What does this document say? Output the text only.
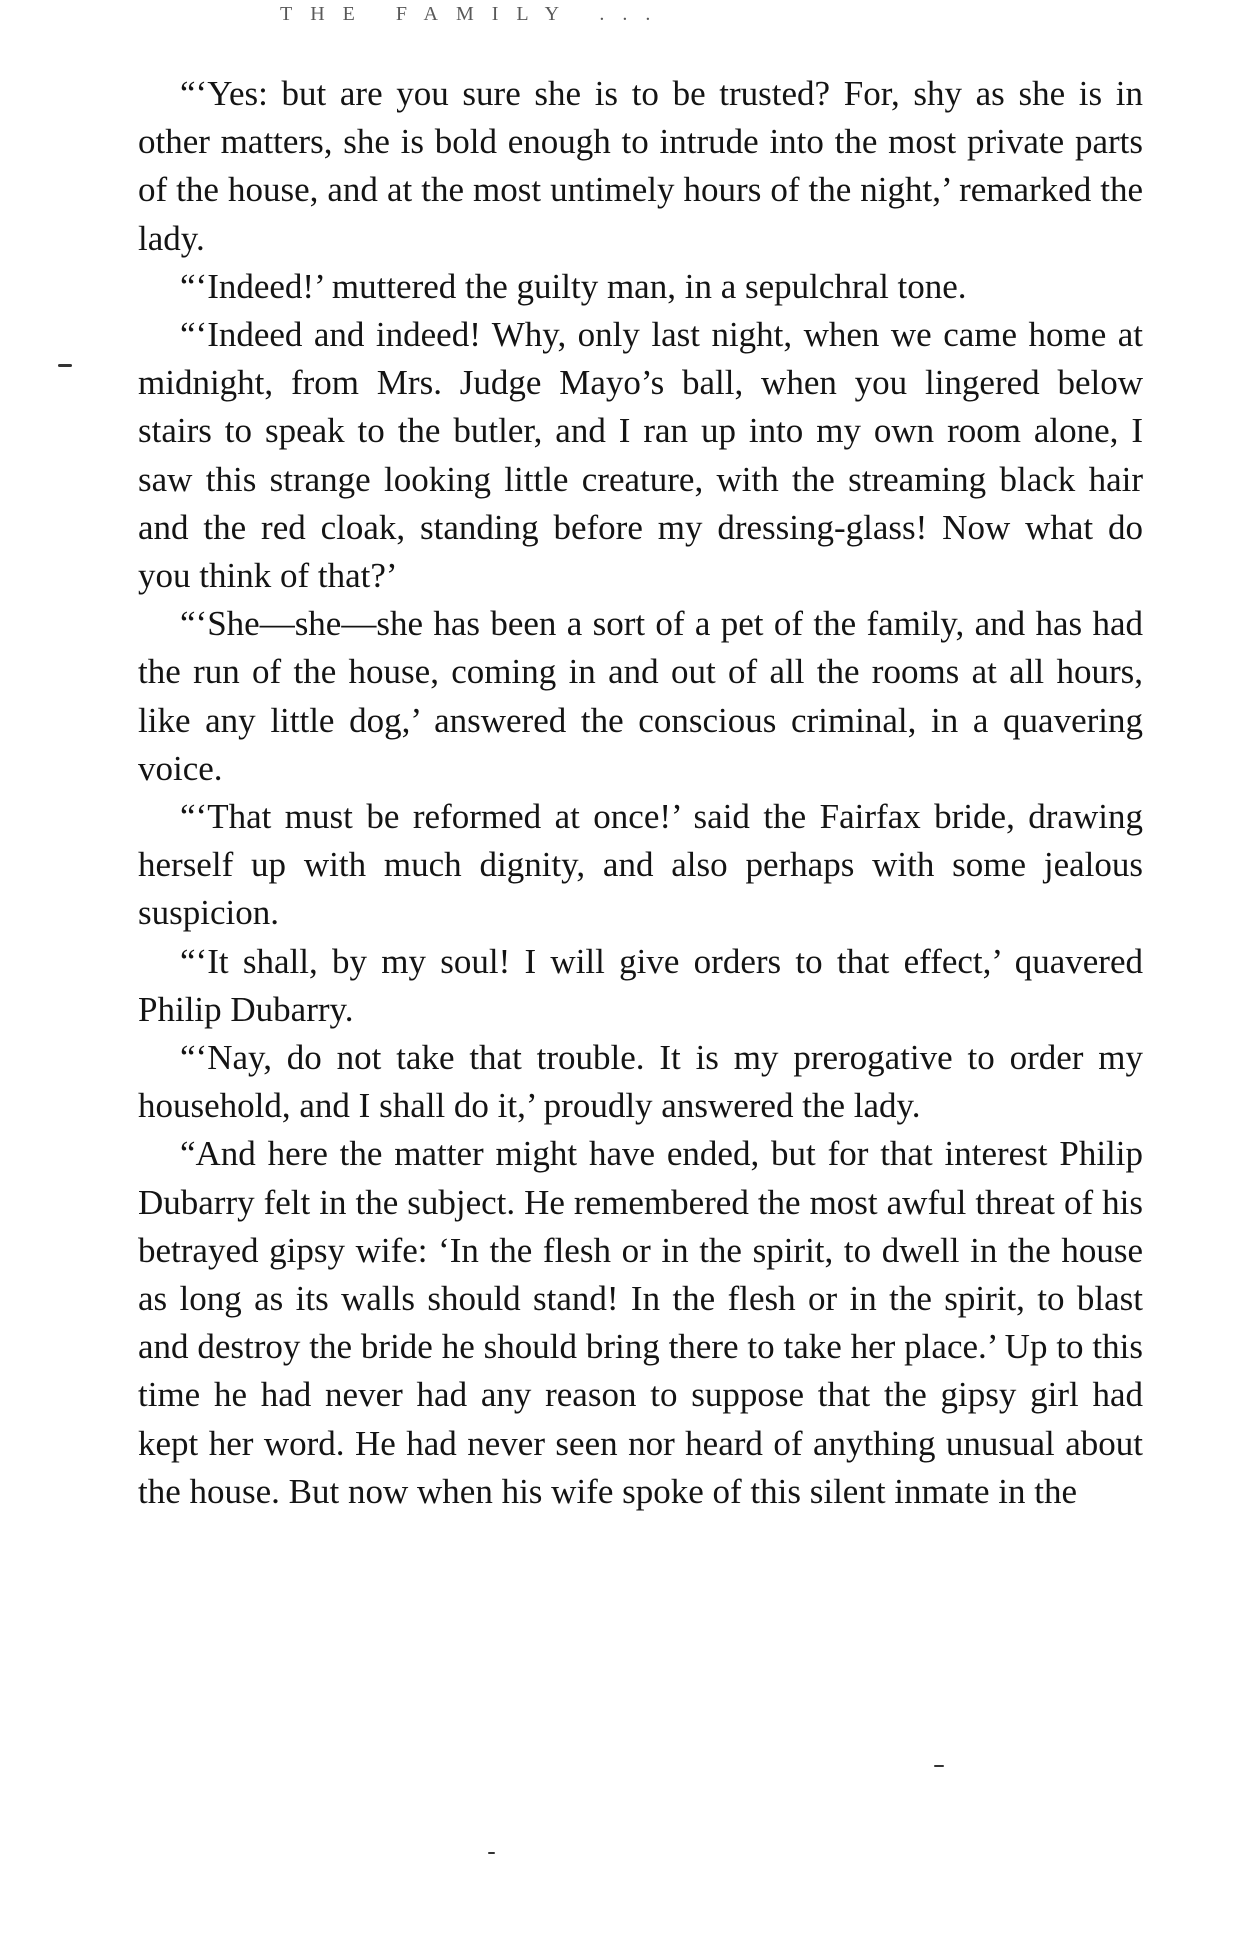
THE FAMILY ...

“‘Yes: but are you sure she is to be trusted? For, shy as she is in other matters, she is bold enough to intrude into the most private parts of the house, and at the most untimely hours of the night,’ remarked the lady.

“‘Indeed!’ muttered the guilty man, in a sepulchral tone.

“‘Indeed and indeed! Why, only last night, when we came home at midnight, from Mrs. Judge Mayo’s ball, when you lingered below stairs to speak to the butler, and I ran up into my own room alone, I saw this strange looking little creature, with the streaming black hair and the red cloak, standing before my dressing-glass! Now what do you think of that?’

“‘She—she—she has been a sort of a pet of the family, and has had the run of the house, coming in and out of all the rooms at all hours, like any little dog,’ answered the conscious criminal, in a quavering voice.

“‘That must be reformed at once!’ said the Fairfax bride, drawing herself up with much dignity, and also perhaps with some jealous suspicion.

“‘It shall, by my soul! I will give orders to that effect,’ quavered Philip Dubarry.

“‘Nay, do not take that trouble. It is my prerogative to order my household, and I shall do it,’ proudly answered the lady.

“And here the matter might have ended, but for that interest Philip Dubarry felt in the subject. He remembered the most awful threat of his betrayed gipsy wife: ‘In the flesh or in the spirit, to dwell in the house as long as its walls should stand! In the flesh or in the spirit, to blast and destroy the bride he should bring there to take her place.’ Up to this time he had never had any reason to suppose that the gipsy girl had kept her word. He had never seen nor heard of anything unusual about the house. But now when his wife spoke of this silent inmate in the
